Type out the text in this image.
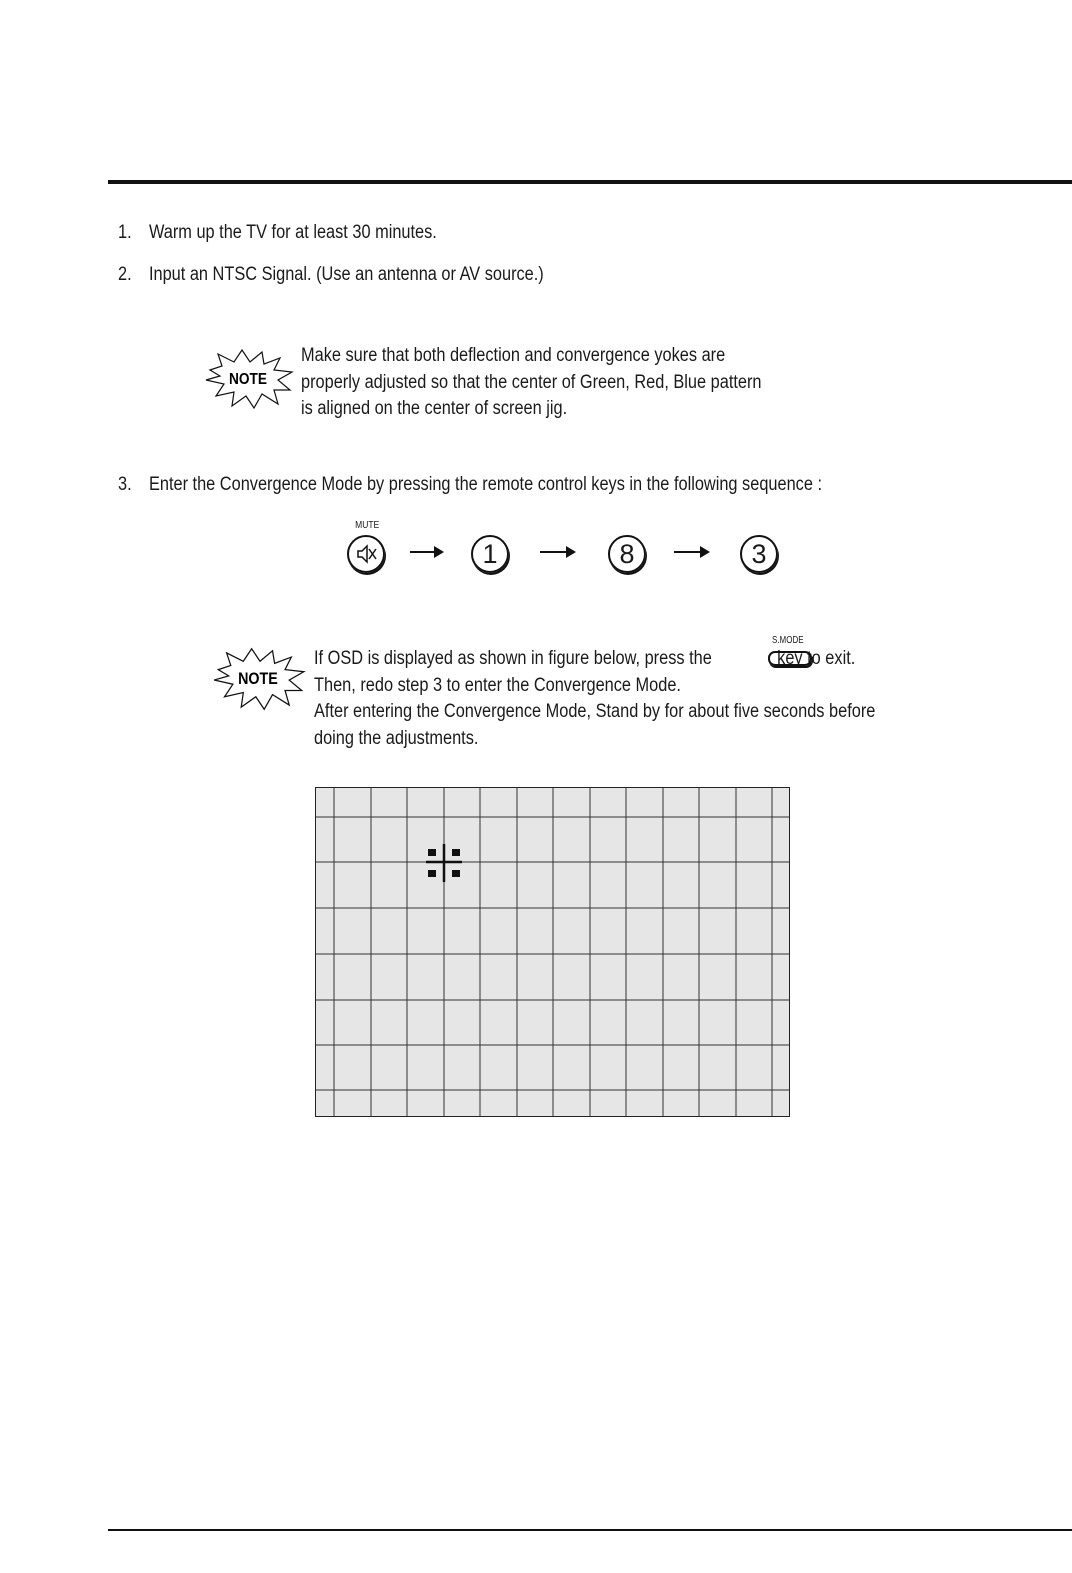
1. Warm up the TV for at least 30 minutes.
2. Input an NTSC Signal. (Use an antenna or AV source.)
NOTE
Make sure that both deflection and convergence yokes are
properly adjusted so that the center of Green, Red, Blue pattern
is aligned on the center of screen jig.
3. Enter the Convergence Mode by pressing the remote control keys in the following sequence :
MUTE
1	8	3
NOTE
If OSD is displayed as shown in figure below, press the	key to exit.
Then, redo step 3 to enter the Convergence Mode.
After entering the Convergence Mode, Stand by for about five seconds before
doing the adjustments.
S.MODE
